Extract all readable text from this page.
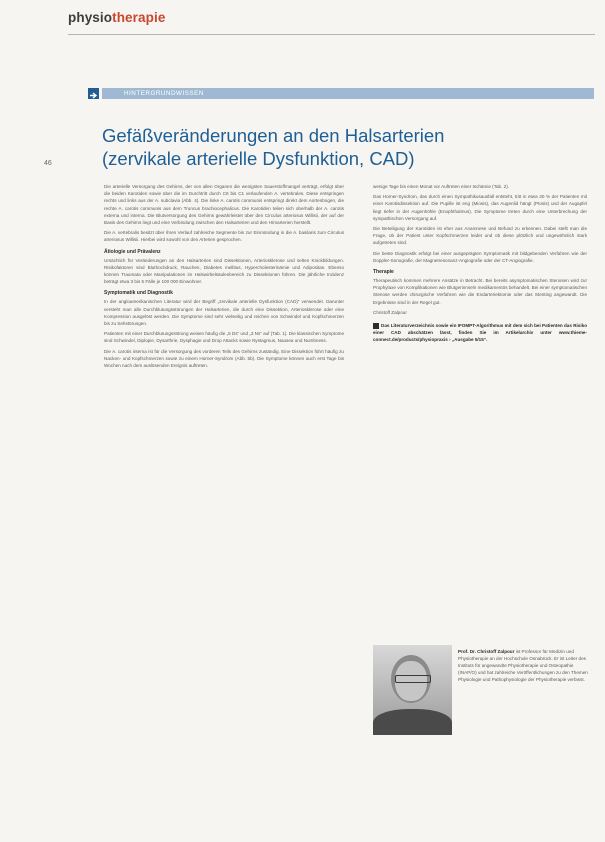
physiotherapie
46
HINTERGRUNDWISSEN
Gefäßveränderungen an den Halsarterien (zervikale arterielle Dysfunktion, CAD)

Die arterielle Versorgung des Gehirns, der von allen Organen die wenigsten Sauerstoffmangel verträgt, erfolgt über die beiden Karotiden sowie über die im Durchtritt durch C6 bis C1 verlaufenden A. vertebrales. Diese entspringen rechts und links aus der A. subclavia (Abb. 4). Die linke A. carotis communis entspringt direkt dem Aortenbogen, die rechte A. carotis communis aus dem Truncus brachiocephalicus. Die Karotiden teilen sich oberhalb der A. carotis externa und interna. Die Blutversorgung des Gehirns gewährleistet über den Circulus arteriosus Willisii, der auf der Basis des Gehirns liegt und eine Verbindung zwischen den Halsarterien und den Hirnarterien herstellt.

Die A. vertebralis besitzt über ihren Verlauf zahlreiche Segmente bis zur Einmündung in die A. basilaris zum Circulus arteriosus Willisii. Hierbei wird sowohl von den Arterien gesprochen.

Ätiologie und Prävalenz

Ursächlich für Veränderungen an den Halsarterien sind Dissektionen, Arteriosklerose und selten Knickbildungen. Risikofaktoren sind Bluthochdruck, Rauchen, Diabetes mellitus, Hypercholesterinämie und Adipositas. Ebenso können Traumata oder Manipulationen im Halswirbelsäulenbereich zu Dissektionen führen. Die jährliche Inzidenz beträgt etwa 3 bis 5 Fälle je 100 000 Einwohner.

Symptomatik und Diagnostik

In der angloamerikanischen Literatur wird der Begriff „zervikale arterielle Dysfunktion (CAD)“ verwendet. Darunter versteht man alle Durchblutungsstörungen der Halsarterien, die durch eine Dissektion, Arteriosklerose oder eine Kompression ausgelöst werden. Die Symptome sind sehr vielseitig und reichen von Schwindel und Kopfschmerzen bis zu Sehstörungen.

Patienten mit einer Durchblutungsstörung weisen häufig die „5 Ds“ und „3 Ns“ auf (Tab. 1). Die klassischen Symptome sind Schwindel, Diplopie, Dysarthrie, Dysphagie und Drop Attacks sowie Nystagmus, Nausea und Numbness.

Die A. carotis interna ist für die Versorgung des vorderen Teils des Gehirns zuständig. Eine Dissektion führt häufig zu Nacken- und Kopfschmerzen sowie zu einem Horner-Syndrom (Abb. 5b). Die Symptome können auch erst Tage bis Wochen nach dem auslösenden Ereignis auftreten.

wenige Tage bis einen Monat vor Auftreten einer Ischämie (Tab. 2).

Das Horner-Syndrom, das durch einen Sympathikusausfall entsteht, tritt in etwa 30 % der Patienten mit einer Karotisdissektion auf. Die Pupille ist eng (Miosis), das Augenlid hängt (Ptosis) und der Augapfel liegt tiefer in der Augenhöhle (Enophthalmus). Die Symptome treten durch eine Unterbrechung der sympathischen Versorgung auf.

Die Beteiligung der Karotiden ist eher aus Anamnese und Befund zu erkennen. Dabei stellt man die Frage, ob der Patient unter Kopfschmerzen leidet und ob diese plötzlich und ungewöhnlich stark aufgetreten sind.

Die beste Diagnostik erfolgt bei einer ausgeprägten Symptomatik mit bildgebenden Verfahren wie der Doppler-Sonografie, der Magnetresonanz-Angiografie oder der CT-Angiografie.

Therapie

Therapeutisch kommen mehrere Ansätze in Betracht. Bei bereits asymptomatischen Stenosen wird zur Prophylaxe von Komplikationen wie Blutgerinnseln medikamentös behandelt. Bei einer symptomatischen Stenose werden chirurgische Verfahren wie die Endarteriektomie oder das Stenting angewandt. Die Ergebnisse sind in der Regel gut.

Christoff Zalpour

Das Literaturverzeichnis sowie ein IFOMPT-Algorithmus mit dem sich bei Patienten das Risiko einer CAD abschätzen lässt, finden Sie im Artikelarchiv unter www.thieme-connect.de/products/physiopraxis › „Ausgabe 5/15“.

Prof. Dr. Christoff Zalpour ist Professor für Medizin und Physiotherapie an der Hochschule Osnabrück. Er ist Leiter des Instituts für angewandte Physiotherapie und Osteopathie (INAP/O) und hat zahlreiche Veröffentlichungen zu den Themen Physiologie und Pathophysiologie der Physiotherapie verfasst.
